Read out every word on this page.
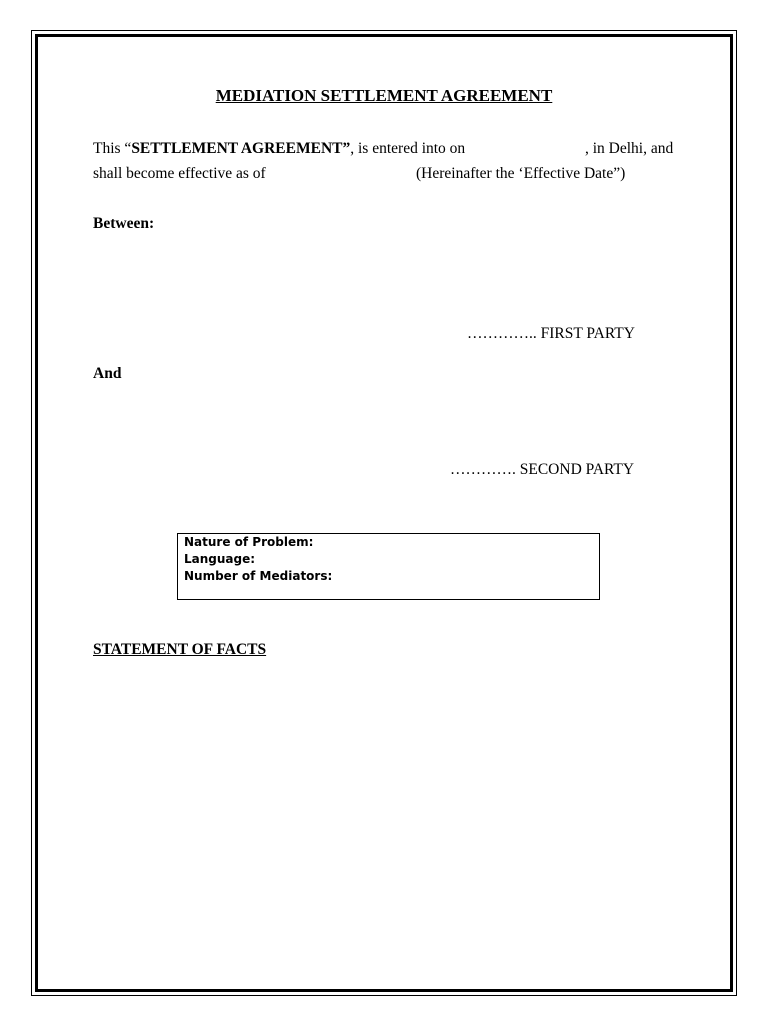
MEDIATION SETTLEMENT AGREEMENT
This “SETTLEMENT AGREEMENT”, is entered into on	, in Delhi, and
shall become effective as of	(Hereinafter the ‘Effective Date”)
Between:
………….. FIRST PARTY
And
…………. SECOND PARTY
Nature of Problem:
Language:
Number of Mediators:
STATEMENT OF FACTS
